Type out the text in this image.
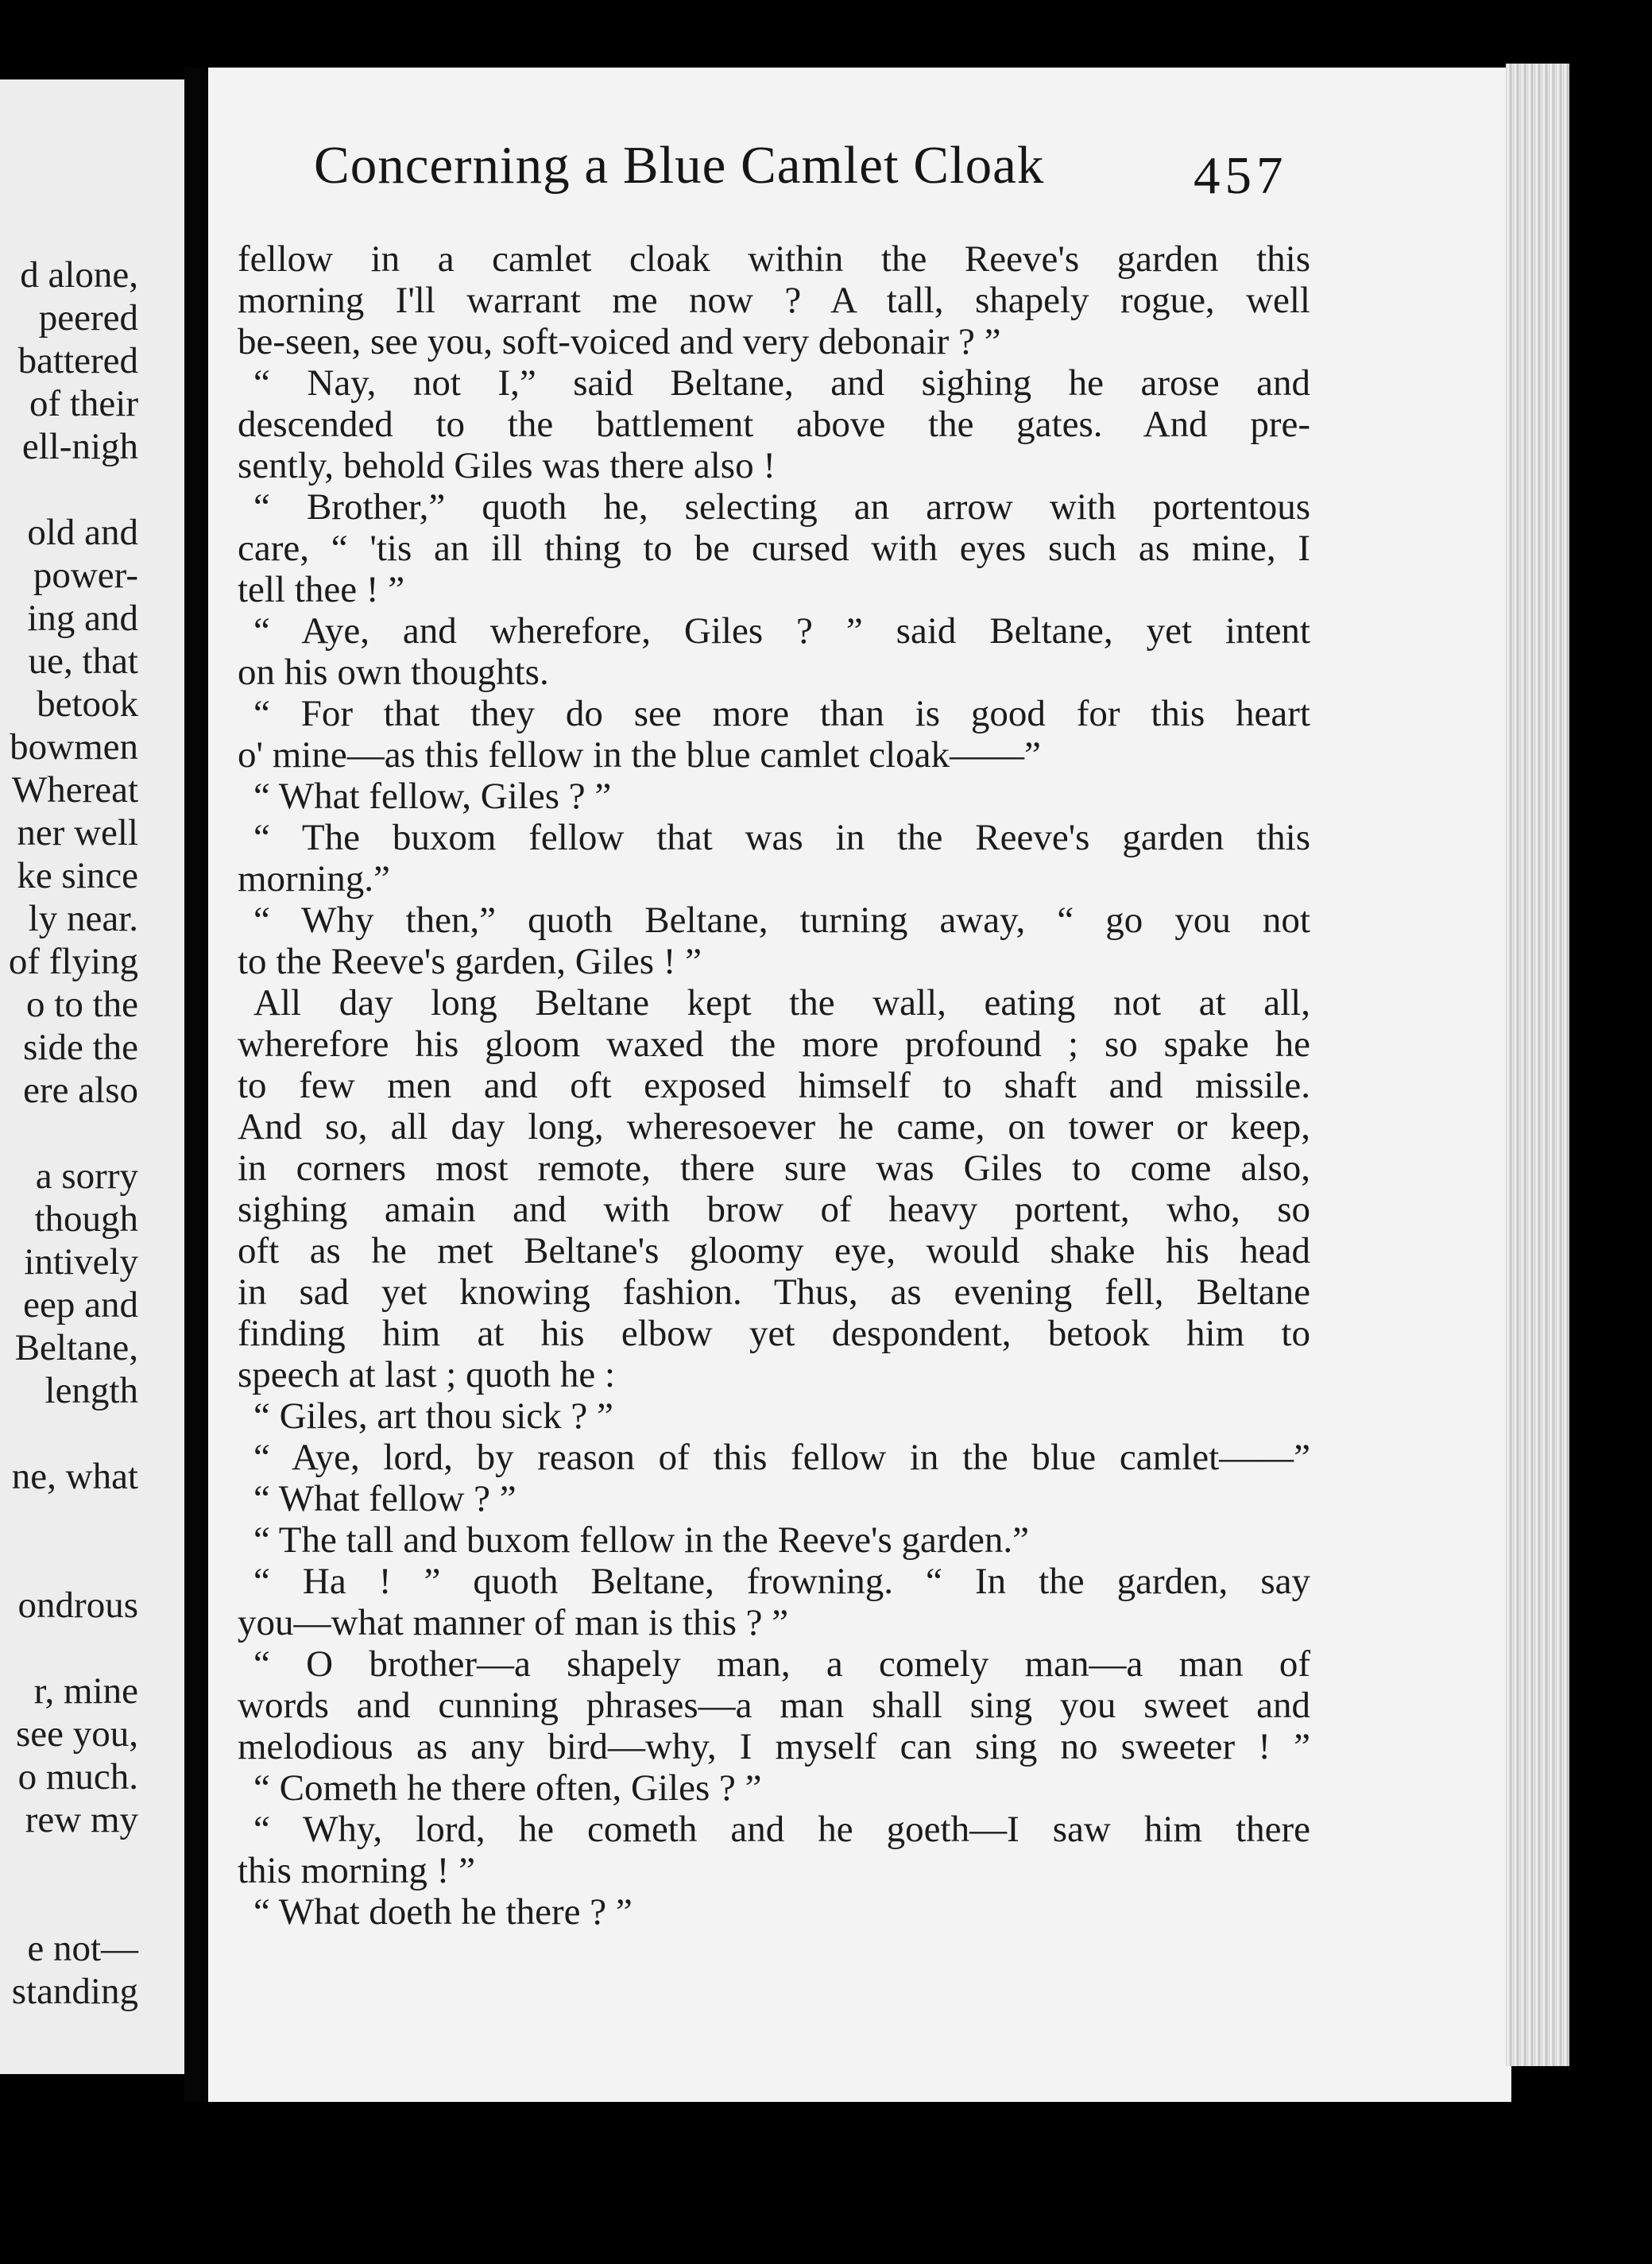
d alone,
peered
battered
of their
ell-nigh
old and
power-
ing and
ue, that
betook
bowmen
Whereat
ner well
ke since
ly near.
of flying
o to the
side the
ere also
a sorry
though
intively
eep and
Beltane,
length
ne, what
ondrous
r, mine
see you,
o much.
rew my
e not—
standing
fellow in a camlet cloak within the Reeve's garden this
morning I'll warrant me now ? A tall, shapely rogue, well
be-seen, see you, soft-voiced and very debonair ? ”
“ Nay, not I,” said Beltane, and sighing he arose and
descended to the battlement above the gates. And pre-
sently, behold Giles was there also !
“ Brother,” quoth he, selecting an arrow with portentous
care, “ 'tis an ill thing to be cursed with eyes such as mine, I
tell thee ! ”
“ Aye, and wherefore, Giles ? ” said Beltane, yet intent
on his own thoughts.
“ For that they do see more than is good for this heart
o' mine—as this fellow in the blue camlet cloak——”
“ What fellow, Giles ? ”
“ The buxom fellow that was in the Reeve's garden this
morning.”
“ Why then,” quoth Beltane, turning away, “ go you not
to the Reeve's garden, Giles ! ”
All day long Beltane kept the wall, eating not at all,
wherefore his gloom waxed the more profound ; so spake he
to few men and oft exposed himself to shaft and missile.
And so, all day long, wheresoever he came, on tower or keep,
in corners most remote, there sure was Giles to come also,
sighing amain and with brow of heavy portent, who, so
oft as he met Beltane's gloomy eye, would shake his head
in sad yet knowing fashion. Thus, as evening fell, Beltane
finding him at his elbow yet despondent, betook him to
speech at last ; quoth he :
“ Giles, art thou sick ? ”
“ Aye, lord, by reason of this fellow in the blue camlet——”
“ What fellow ? ”
“ The tall and buxom fellow in the Reeve's garden.”
“ Ha ! ” quoth Beltane, frowning. “ In the garden, say
you—what manner of man is this ? ”
“ O brother—a shapely man, a comely man—a man of
words and cunning phrases—a man shall sing you sweet and
melodious as any bird—why, I myself can sing no sweeter ! ”
“ Cometh he there often, Giles ? ”
“ Why, lord, he cometh and he goeth—I saw him there
this morning ! ”
“ What doeth he there ? ”
Concerning a Blue Camlet Cloak	457
